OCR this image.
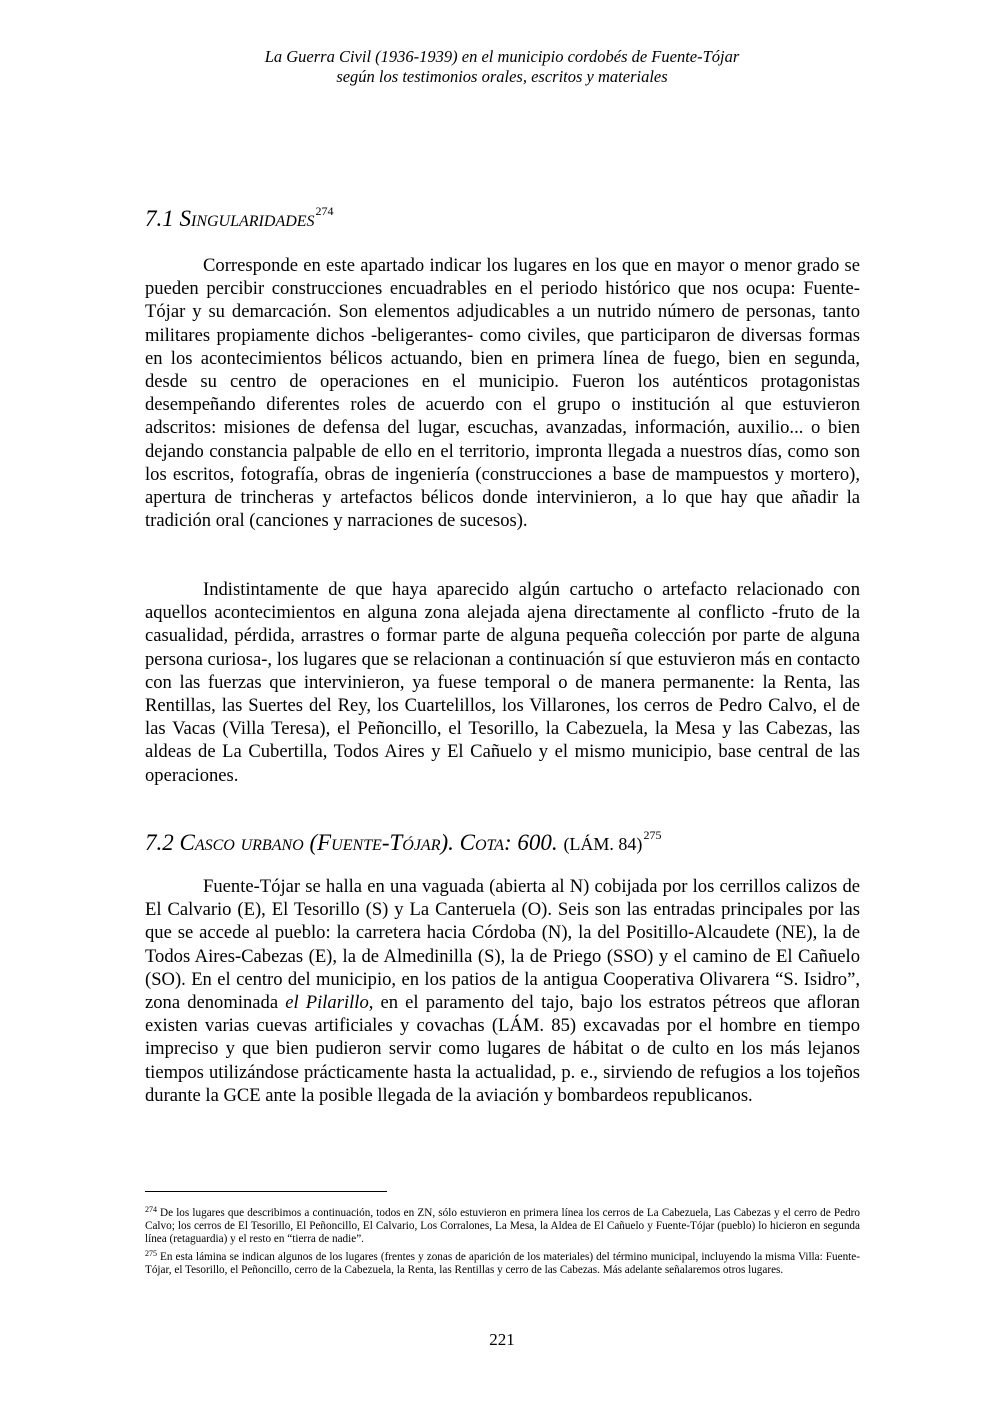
La Guerra Civil (1936-1939) en el municipio cordobés de Fuente-Tójar
según los testimonios orales, escritos y materiales
7.1 Singularidades$^{274}$

Corresponde en este apartado indicar los lugares en los que en mayor o menor grado se pueden percibir construcciones encuadrables en el periodo histórico que nos ocupa: Fuente-Tójar y su demarcación. Son elementos adjudicables a un nutrido número de personas, tanto militares propiamente dichos -beligerantes- como civiles, que participaron de diversas formas en los acontecimientos bélicos actuando, bien en primera línea de fuego, bien en segunda, desde su centro de operaciones en el municipio. Fueron los auténticos protagonistas desempeñando diferentes roles de acuerdo con el grupo o institución al que estuvieron adscritos: misiones de defensa del lugar, escuchas, avanzadas, información, auxilio... o bien dejando constancia palpable de ello en el territorio, impronta llegada a nuestros días, como son los escritos, fotografía, obras de ingeniería (construcciones a base de mampuestos y mortero), apertura de trincheras y artefactos bélicos donde intervinieron, a lo que hay que añadir la tradición oral (canciones y narraciones de sucesos).

Indistintamente de que haya aparecido algún cartucho o artefacto relacionado con aquellos acontecimientos en alguna zona alejada ajena directamente al conflicto -fruto de la casualidad, pérdida, arrastres o formar parte de alguna pequeña colección por parte de alguna persona curiosa-, los lugares que se relacionan a continuación sí que estuvieron más en contacto con las fuerzas que intervinieron, ya fuese temporal o de manera permanente: la Renta, las Rentillas, las Suertes del Rey, los Cuartelillos, los Villarones, los cerros de Pedro Calvo, el de las Vacas (Villa Teresa), el Peñoncillo, el Tesorillo, la Cabezuela, la Mesa y las Cabezas, las aldeas de La Cubertilla, Todos Aires y El Cañuelo y el mismo municipio, base central de las operaciones.

7.2 Casco urbano (Fuente-Tójar). Cota: 600. (LÁM. 84)$^{275}$

Fuente-Tójar se halla en una vaguada (abierta al N) cobijada por los cerrillos calizos de El Calvario (E), El Tesorillo (S) y La Canteruela (O). Seis son las entradas principales por las que se accede al pueblo: la carretera hacia Córdoba (N), la del Positillo-Alcaudete (NE), la de Todos Aires-Cabezas (E), la de Almedinilla (S), la de Priego (SSO) y el camino de El Cañuelo (SO). En el centro del municipio, en los patios de la antigua Cooperativa Olivarera “S. Isidro”, zona denominada el Pilarillo, en el paramento del tajo, bajo los estratos pétreos que afloran existen varias cuevas artificiales y covachas (LÁM. 85) excavadas por el hombre en tiempo impreciso y que bien pudieron servir como lugares de hábitat o de culto en los más lejanos tiempos utilizándose prácticamente hasta la actualidad, p. e., sirviendo de refugios a los tojeños durante la GCE ante la posible llegada de la aviación y bombardeos republicanos.

$^{274}$ De los lugares que describimos a continuación, todos en ZN, sólo estuvieron en primera línea los cerros de La Cabezuela, Las Cabezas y el cerro de Pedro Calvo; los cerros de El Tesorillo, El Peñoncillo, El Calvario, Los Corralones, La Mesa, la Aldea de El Cañuelo y Fuente-Tójar (pueblo) lo hicieron en segunda línea (retaguardia) y el resto en “tierra de nadie”.

$^{275}$ En esta lámina se indican algunos de los lugares (frentes y zonas de aparición de los materiales) del término municipal, incluyendo la misma Villa: Fuente-Tójar, el Tesorillo, el Peñoncillo, cerro de la Cabezuela, la Renta, las Rentillas y cerro de las Cabezas. Más adelante señalaremos otros lugares.

221
